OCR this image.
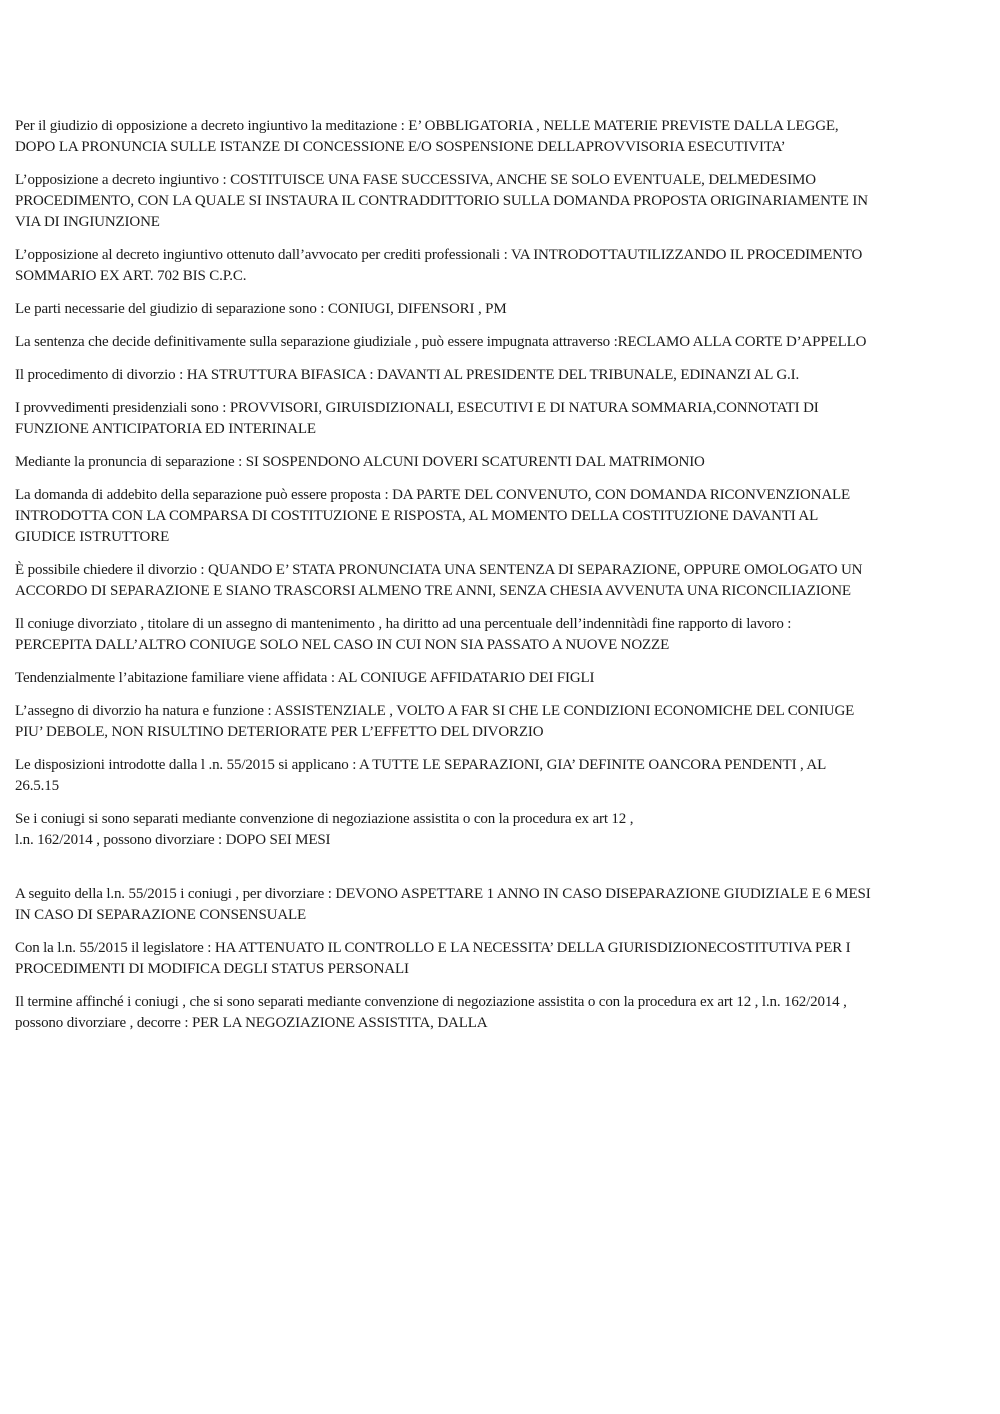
Per il giudizio di opposizione a decreto ingiuntivo la meditazione : E’ OBBLIGATORIA , NELLE MATERIE PREVISTE DALLA LEGGE,
DOPO LA PRONUNCIA SULLE ISTANZE DI CONCESSIONE E/O SOSPENSIONE DELLAPROVVISORIA ESECUTIVITA’

L’opposizione a decreto ingiuntivo : COSTITUISCE UNA FASE SUCCESSIVA, ANCHE SE SOLO EVENTUALE, DELMEDESIMO
PROCEDIMENTO, CON LA QUALE SI INSTAURA IL CONTRADDITTORIO SULLA DOMANDA PROPOSTA ORIGINARIAMENTE IN
VIA DI INGIUNZIONE

L’opposizione al decreto ingiuntivo ottenuto dall’avvocato per crediti professionali : VA INTRODOTTAUTILIZZANDO IL PROCEDIMENTO
SOMMARIO EX ART. 702 BIS C.P.C.

Le parti necessarie del giudizio di separazione sono : CONIUGI, DIFENSORI , PM

La sentenza che decide definitivamente sulla separazione giudiziale , può essere impugnata attraverso :RECLAMO ALLA CORTE D’APPELLO

Il procedimento di divorzio : HA STRUTTURA BIFASICA : DAVANTI AL PRESIDENTE DEL TRIBUNALE, EDINANZI AL G.I.

I provvedimenti presidenziali sono : PROVVISORI, GIRUISDIZIONALI, ESECUTIVI E DI NATURA SOMMARIA,CONNOTATI DI
FUNZIONE ANTICIPATORIA ED INTERINALE

Mediante la pronuncia di separazione : SI SOSPENDONO ALCUNI DOVERI SCATURENTI DAL MATRIMONIO

La domanda di addebito della separazione può essere proposta : DA PARTE DEL CONVENUTO, CON DOMANDA RICONVENZIONALE
INTRODOTTA CON LA COMPARSA DI COSTITUZIONE E RISPOSTA, AL MOMENTO DELLA COSTITUZIONE DAVANTI AL
GIUDICE ISTRUTTORE

È possibile chiedere il divorzio : QUANDO E’ STATA PRONUNCIATA UNA SENTENZA DI SEPARAZIONE, OPPURE OMOLOGATO UN
ACCORDO DI SEPARAZIONE E SIANO TRASCORSI ALMENO TRE ANNI, SENZA CHESIA AVVENUTA UNA RICONCILIAZIONE

Il coniuge divorziato , titolare di un assegno di mantenimento , ha diritto ad una percentuale dell’indennitàdi fine rapporto di lavoro :
PERCEPITA DALL’ALTRO CONIUGE SOLO NEL CASO IN CUI NON SIA PASSATO A NUOVE NOZZE

Tendenzialmente l’abitazione familiare viene affidata : AL CONIUGE AFFIDATARIO DEI FIGLI

L’assegno di divorzio ha natura e funzione : ASSISTENZIALE , VOLTO A FAR SI CHE LE CONDIZIONI ECONOMICHE DEL CONIUGE
PIU’ DEBOLE, NON RISULTINO DETERIORATE PER L’EFFETTO DEL DIVORZIO

Le disposizioni introdotte dalla l .n. 55/2015 si applicano : A TUTTE LE SEPARAZIONI, GIA’ DEFINITE OANCORA PENDENTI , AL
26.5.15

Se i coniugi si sono separati mediante convenzione di negoziazione assistita o con la procedura ex art 12 ,
l.n. 162/2014 , possono divorziare : DOPO SEI MESI

A seguito della l.n. 55/2015 i coniugi , per divorziare : DEVONO ASPETTARE 1 ANNO IN CASO DISEPARAZIONE GIUDIZIALE E 6 MESI
IN CASO DI SEPARAZIONE CONSENSUALE

Con la l.n. 55/2015 il legislatore : HA ATTENUATO IL CONTROLLO E LA NECESSITA’ DELLA GIURISDIZIONECOSTITUTIVA PER I
PROCEDIMENTI DI MODIFICA DEGLI STATUS PERSONALI

Il termine affinché i coniugi , che si sono separati mediante convenzione di negoziazione assistita o con la procedura ex art 12 , l.n. 162/2014 ,
possono divorziare , decorre : PER LA NEGOZIAZIONE ASSISTITA, DALLA
